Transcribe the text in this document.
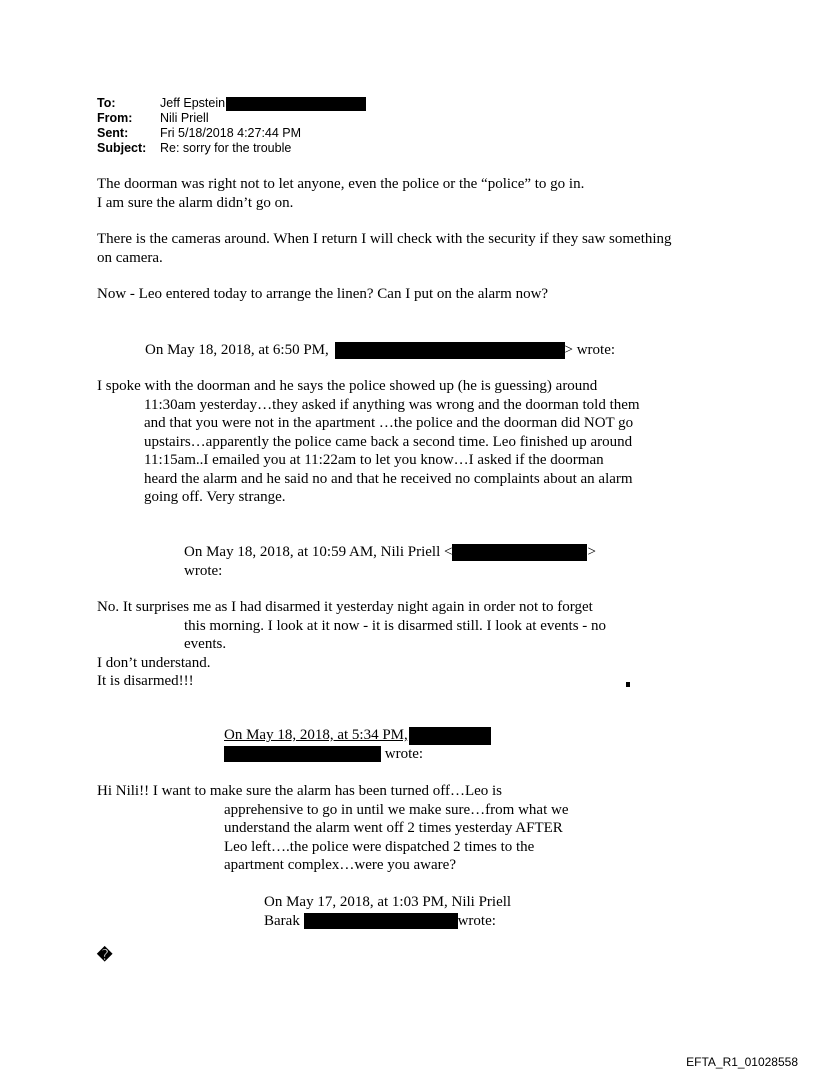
To:	Jeff Epstein
From:	Nili Priell
Sent:	Fri 5/18/2018 4:27:44 PM
Subject:	Re: sorry for the trouble

The doorman was right not to let anyone, even the police or the “police” to go in.

I am sure the alarm didn’t go on.

There is the cameras around. When I return I will check with the security if they saw something

on camera.

Now - Leo entered today to arrange the linen? Can I put on the alarm now?

On May 18, 2018, at 6:50 PM,	> wrote:

I spoke with the doorman and he says the police showed up (he is guessing) around

11:30am yesterday…they asked if anything was wrong and the doorman told them

and that you were not in the apartment …the police and the doorman did NOT go

upstairs…apparently the police came back a second time. Leo finished up around

11:15am..I emailed you at 11:22am to let you know…I asked if the doorman

heard the alarm and he said no and that he received no complaints about an alarm

going off. Very strange.

On May 18, 2018, at 10:59 AM, Nili Priell <	>

wrote:

No. It surprises me as I had disarmed it yesterday night again in order not to forget

this morning. I look at it now - it is disarmed still. I look at events - no

events.

I don’t understand.

It is disarmed!!!

On May 18, 2018, at 5:34 PM,

wrote:

Hi Nili!! I want to make sure the alarm has been turned off…Leo is

apprehensive to go in until we make sure…from what we

understand the alarm went off 2 times yesterday AFTER

Leo left….the police were dispatched 2 times to the

apartment complex…were you aware?

On May 17, 2018, at 1:03 PM, Nili Priell

Barak	wrote:

�
EFTA_R1_01028558
